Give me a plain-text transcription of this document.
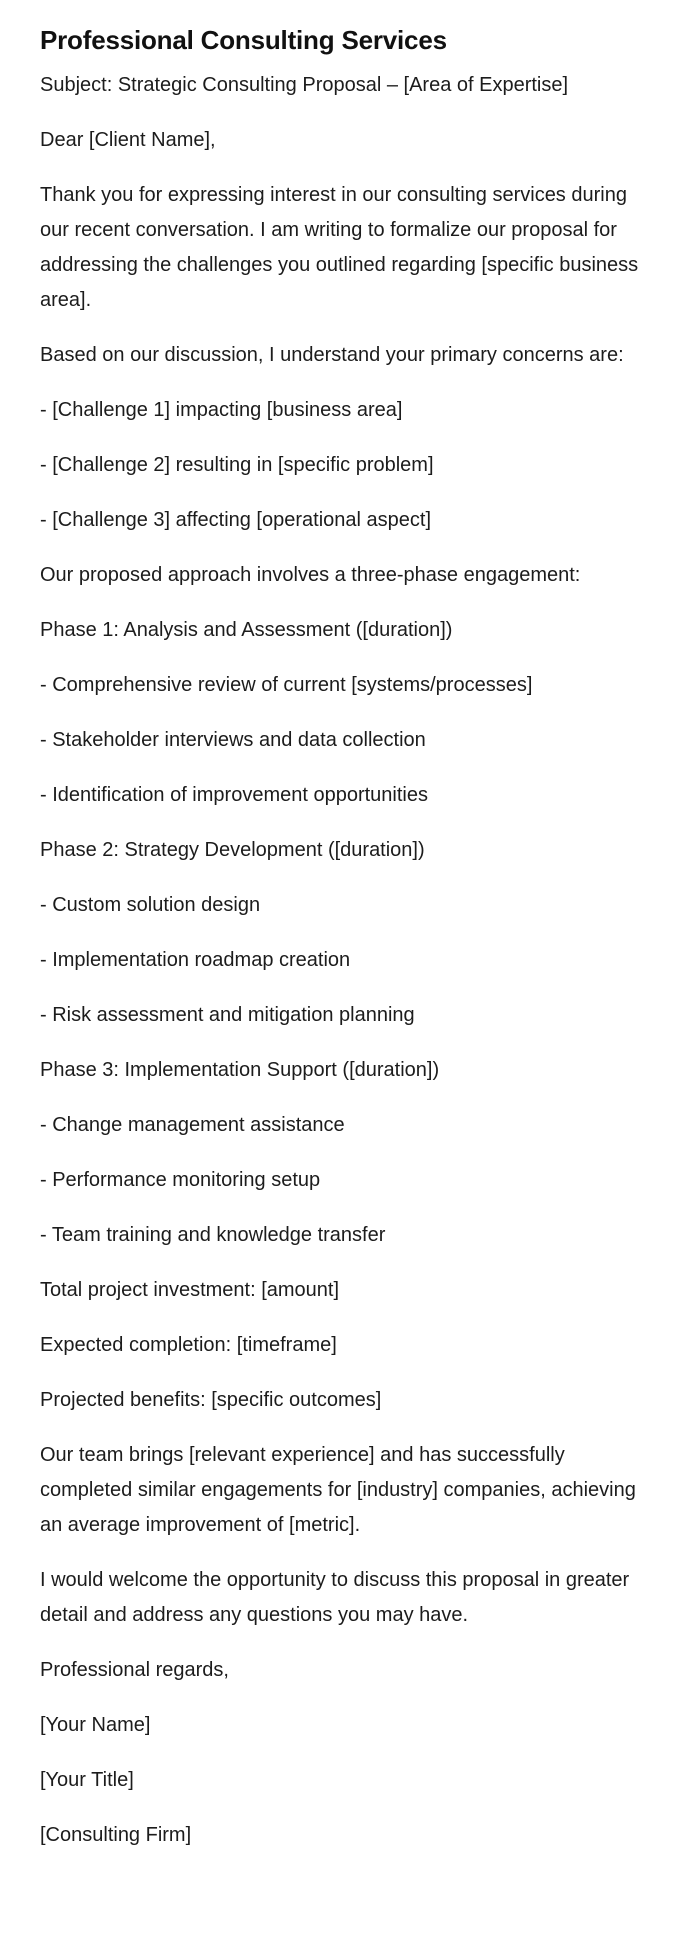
Professional Consulting Services

Subject: Strategic Consulting Proposal – [Area of Expertise]

Dear [Client Name],

Thank you for expressing interest in our consulting services during our recent conversation. I am writing to formalize our proposal for addressing the challenges you outlined regarding [specific business area].

Based on our discussion, I understand your primary concerns are:

- [Challenge 1] impacting [business area]

- [Challenge 2] resulting in [specific problem]

- [Challenge 3] affecting [operational aspect]

Our proposed approach involves a three-phase engagement:

Phase 1: Analysis and Assessment ([duration])

- Comprehensive review of current [systems/processes]

- Stakeholder interviews and data collection

- Identification of improvement opportunities

Phase 2: Strategy Development ([duration])

- Custom solution design

- Implementation roadmap creation

- Risk assessment and mitigation planning

Phase 3: Implementation Support ([duration])

- Change management assistance

- Performance monitoring setup

- Team training and knowledge transfer

Total project investment: [amount]

Expected completion: [timeframe]

Projected benefits: [specific outcomes]

Our team brings [relevant experience] and has successfully completed similar engagements for [industry] companies, achieving an average improvement of [metric].

I would welcome the opportunity to discuss this proposal in greater detail and address any questions you may have.

Professional regards,

[Your Name]

[Your Title]

[Consulting Firm]
